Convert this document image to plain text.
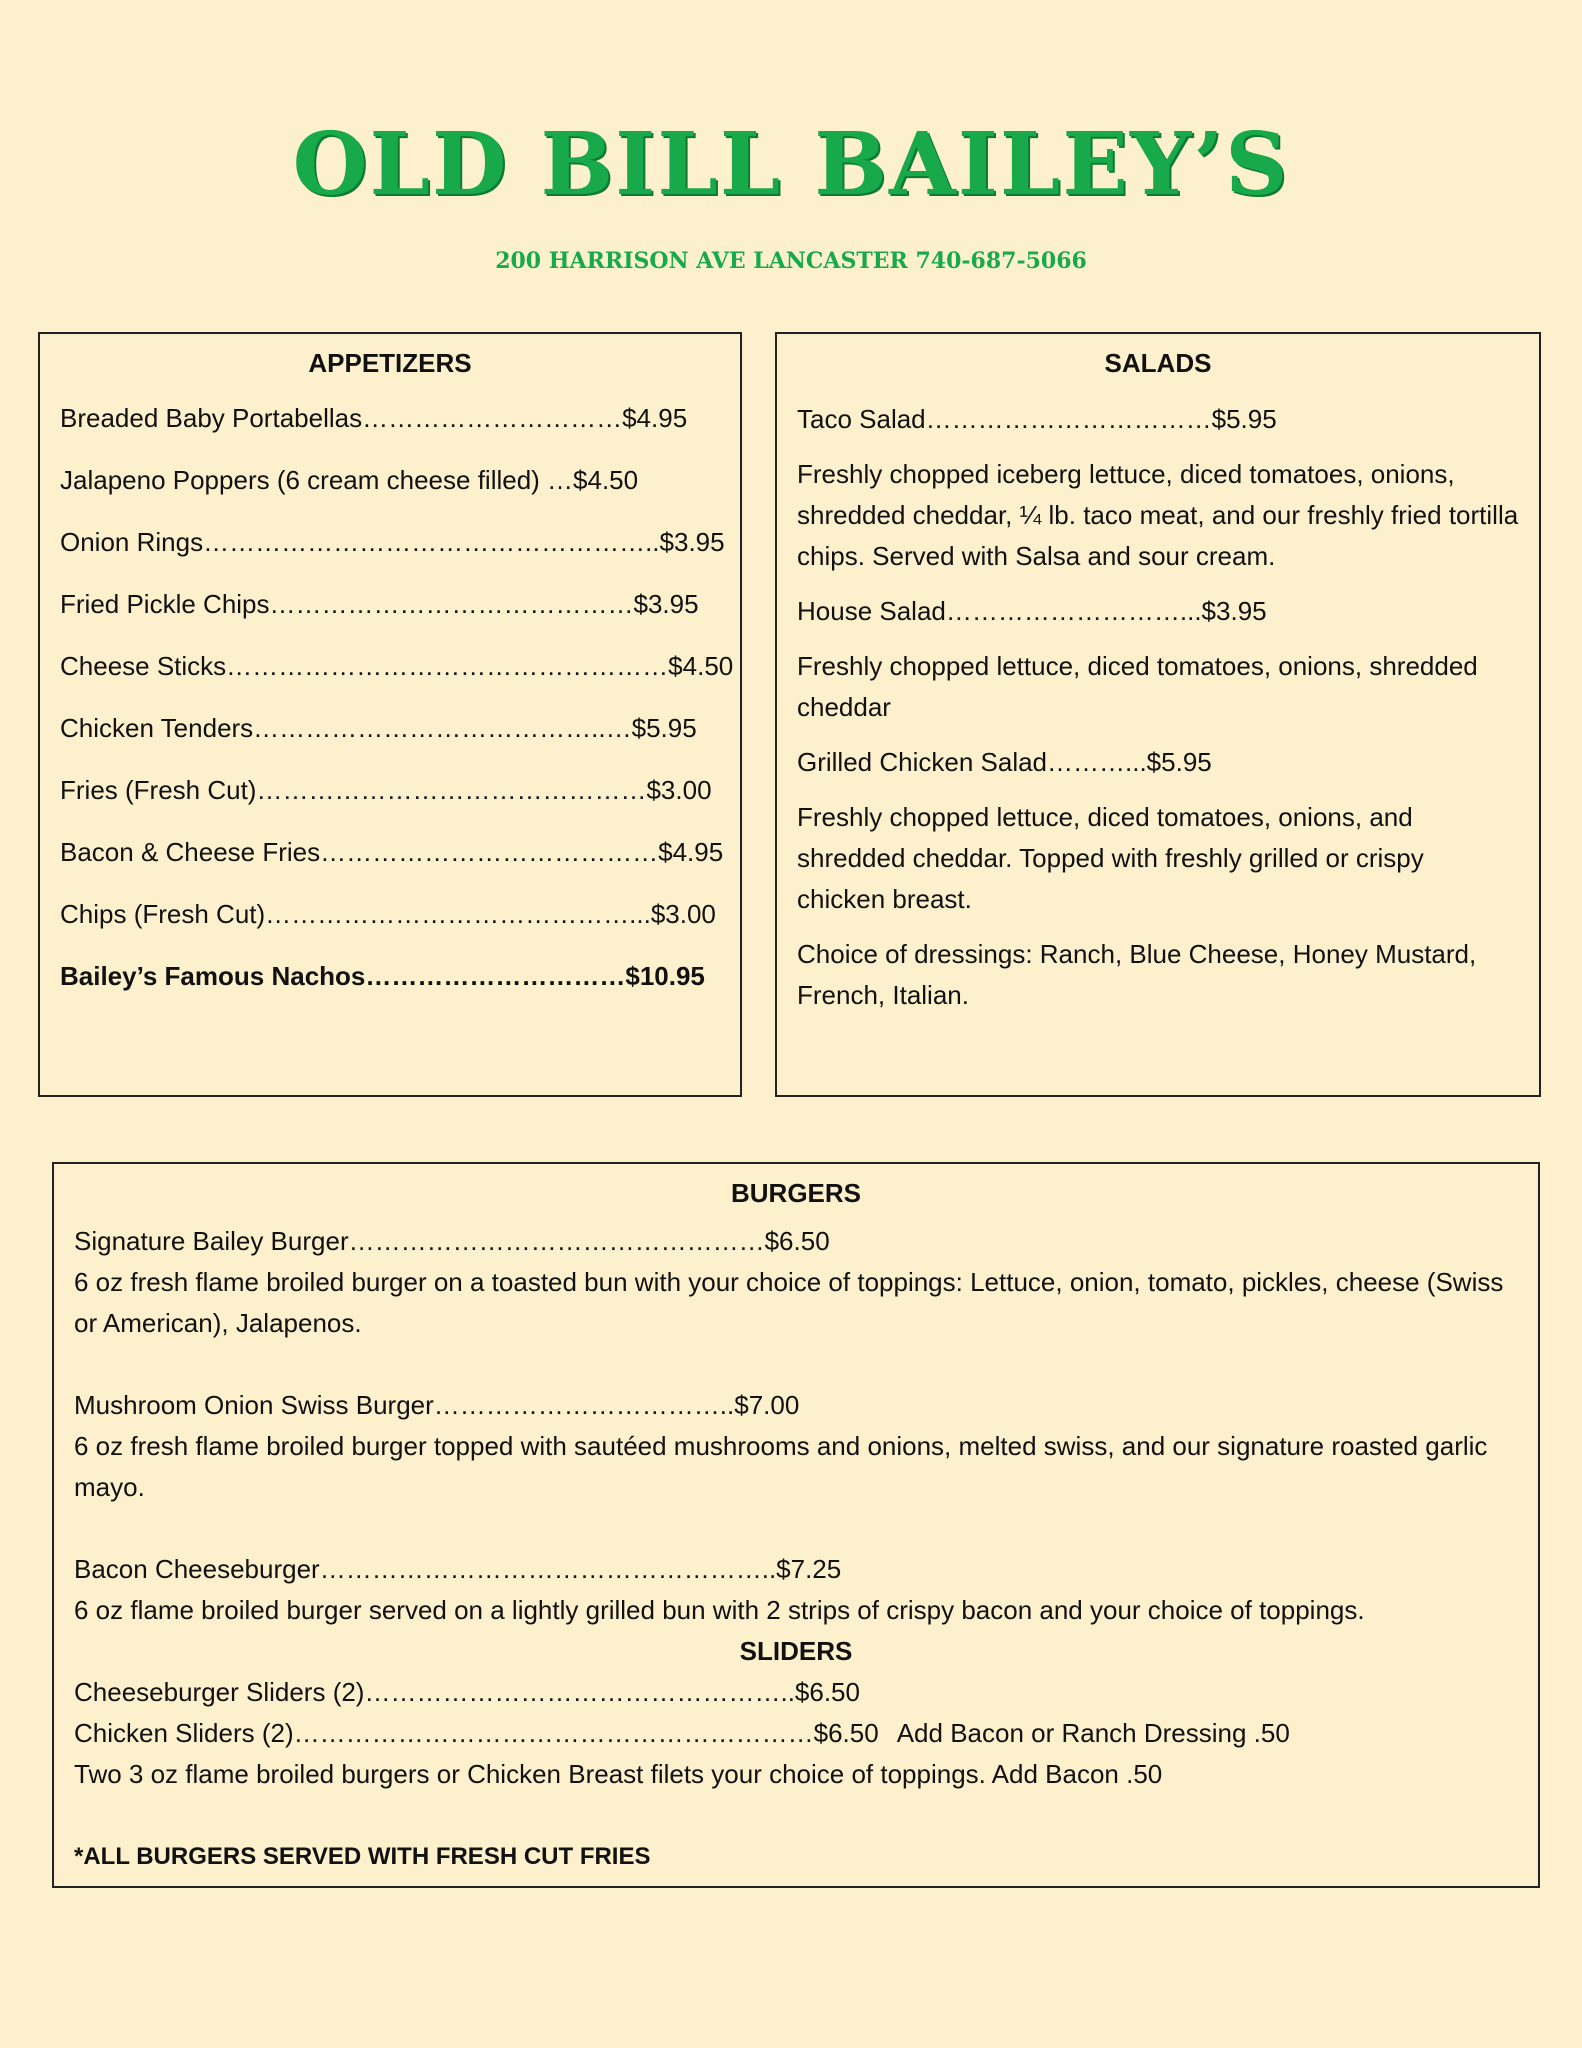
OLD BILL BAILEY’S
200 HARRISON AVE LANCASTER 740-687-5066
APPETIZERS
Breaded Baby Portabellas…………………………$4.95
Jalapeno Poppers (6 cream cheese filled) …$4.50
Onion Rings……………………………………………..$3.95
Fried Pickle Chips……………………………………$3.95
Cheese Sticks……………………………………………$4.50
Chicken Tenders…………………………………..…$5.95
Fries (Fresh Cut)………………………………………$3.00
Bacon & Cheese Fries…………………………………$4.95
Chips (Fresh Cut)……………………………………...$3.00
Bailey’s Famous Nachos…………………………$10.95
SALADS
Taco Salad……………………………$5.95
Freshly chopped iceberg lettuce, diced tomatoes, onions, shredded cheddar, ¼ lb. taco meat, and our freshly fried tortilla chips. Served with Salsa and sour cream.
House Salad………………………...$3.95
Freshly chopped lettuce, diced tomatoes, onions, shredded cheddar
Grilled Chicken Salad………...$5.95
Freshly chopped lettuce, diced tomatoes, onions, and shredded cheddar. Topped with freshly grilled or crispy chicken breast.
Choice of dressings: Ranch, Blue Cheese, Honey Mustard, French, Italian.
BURGERS
Signature Bailey Burger…………………………………………$6.50
6 oz fresh flame broiled burger on a toasted bun with your choice of toppings: Lettuce, onion, tomato, pickles, cheese (Swiss or American), Jalapenos.
Mushroom Onion Swiss Burger……………………………..$7.00
6 oz fresh flame broiled burger topped with sautéed mushrooms and onions, melted swiss, and our signature roasted garlic mayo.
Bacon Cheeseburger……………………………………………..$7.25
6 oz flame broiled burger served on a lightly grilled bun with 2 strips of crispy bacon and your choice of toppings.
SLIDERS
Cheeseburger Sliders (2)…………………………………………..$6.50
Chicken Sliders (2)……………………………………………………$6.50 Add Bacon or Ranch Dressing .50
Two 3 oz flame broiled burgers or Chicken Breast filets your choice of toppings. Add Bacon .50
*ALL BURGERS SERVED WITH FRESH CUT FRIES
